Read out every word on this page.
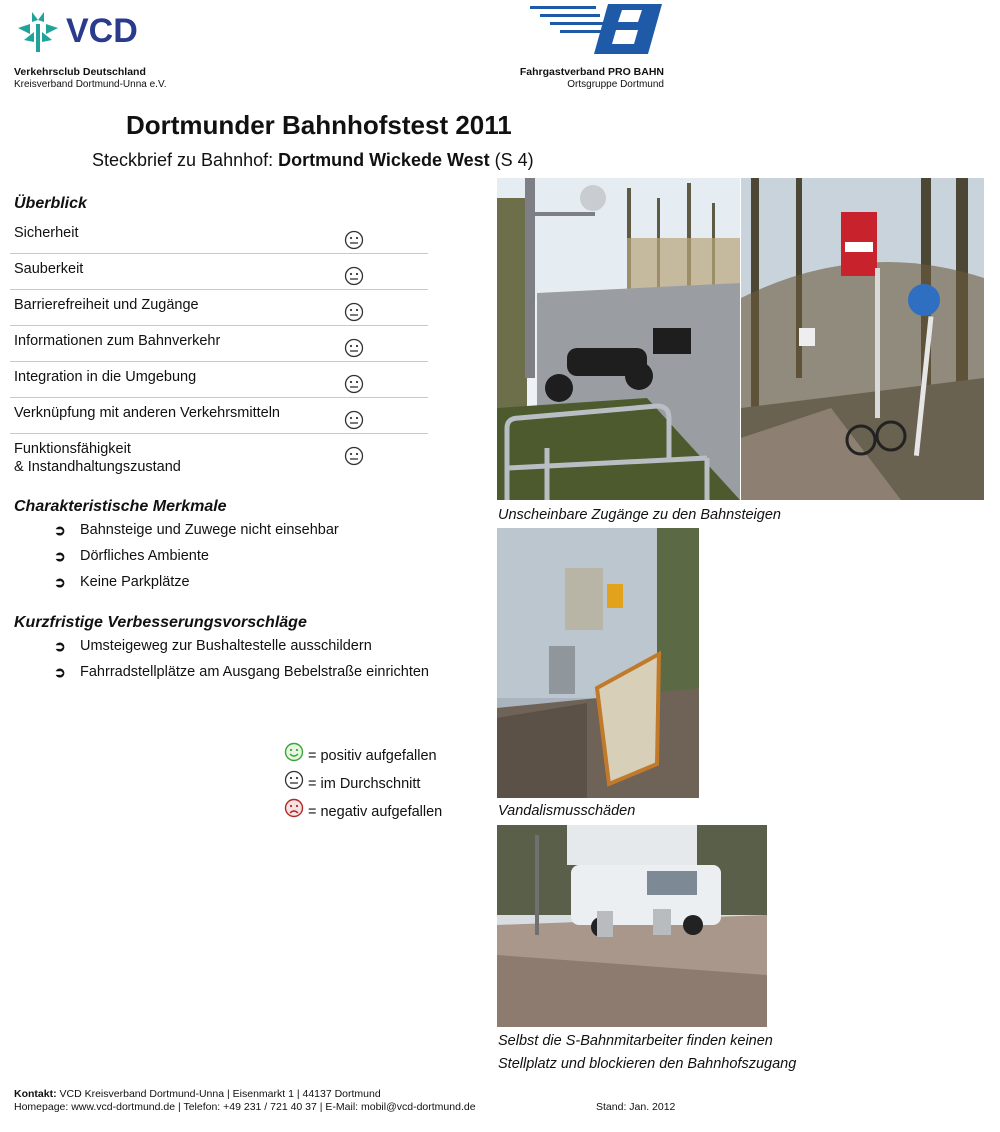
VCD
Verkehrsclub Deutschland
Kreisverband Dortmund-Unna e.V.
Fahrgastverband PRO BAHN
Ortsgruppe Dortmund
Dortmunder Bahnhofstest 2011
Steckbrief zu Bahnhof: Dortmund Wickede West (S 4)
Überblick
Sicherheit
Sauberkeit
Barrierefreiheit und Zugänge
Informationen zum Bahnverkehr
Integration in die Umgebung
Verknüpfung mit anderen Verkehrsmitteln
Funktionsfähigkeit
& Instandhaltungszustand
Charakteristische Merkmale
➲ Bahnsteige und Zuwege nicht einsehbar
➲ Dörfliches Ambiente
➲ Keine Parkplätze
Kurzfristige Verbesserungsvorschläge
➲ Umsteigeweg zur Bushaltestelle ausschildern
➲ Fahrradstellplätze am Ausgang Bebelstraße einrichten
= positiv aufgefallen
= im Durchschnitt
= negativ aufgefallen
Unscheinbare Zugänge zu den Bahnsteigen
Vandalismusschäden
Selbst die S-Bahnmitarbeiter finden keinen
Stellplatz und blockieren den Bahnhofszugang
Kontakt: VCD Kreisverband Dortmund-Unna | Eisenmarkt 1 | 44137 Dortmund
Homepage: www.vcd-dortmund.de | Telefon: +49 231 / 721 40 37 | E-Mail: mobil@vcd-dortmund.de	Stand: Jan. 2012
